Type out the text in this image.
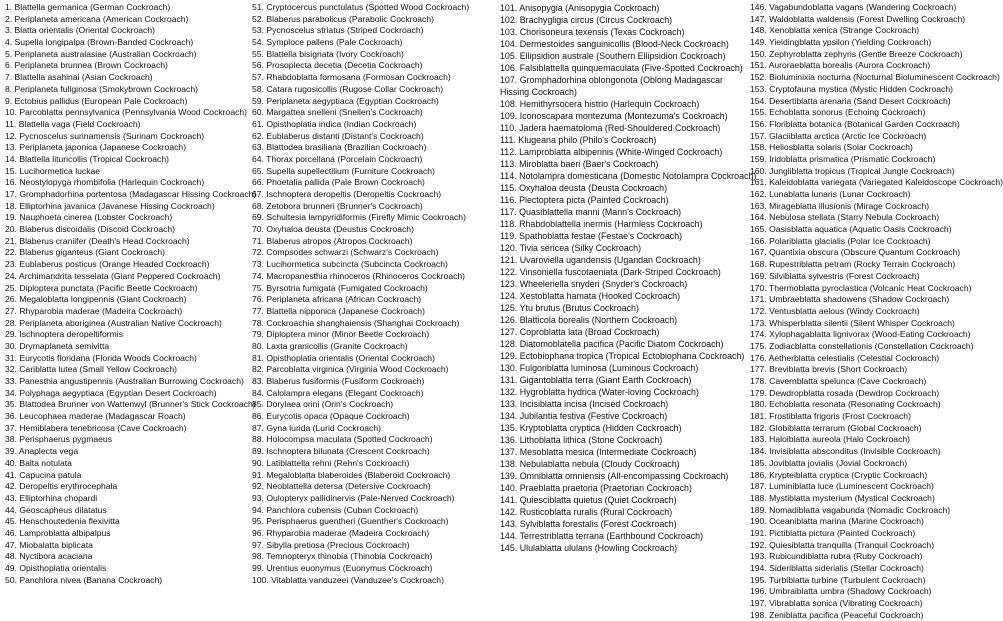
1. Blattella germanica (German Cockroach)
2. Periplaneta americana (American Cockroach)
3. Blatta orientalis (Oriental Cockroach)
4. Supella longipalpa (Brown-Banded Cockroach)
5. Periplaneta australasiae (Australian Cockroach)
6. Periplaneta brunnea (Brown Cockroach)
7. Blattella asahinai (Asian Cockroach)
8. Periplaneta fuliginosa (Smokybrown Cockroach)
9. Ectobius pallidus (European Pale Cockroach)
10. Parcoblatta pennsylvanica (Pennsylvania Wood Cockroach)
11. Blattella vaga (Field Cockroach)
12. Pycnoscelus surinamensis (Surinam Cockroach)
13. Periplaneta japonica (Japanese Cockroach)
14. Blattella lituricollis (Tropical Cockroach)
15. Lucihormetica luckae
16. Neostylopyga rhombifolia (Harlequin Cockroach)
17. Gromphadorhina portentosa (Madagascar Hissing Cockroach)
18. Elliptorhina javanica (Javanese Hissing Cockroach)
19. Nauphoeta cinerea (Lobster Cockroach)
20. Blaberus discoidalis (Discoid Cockroach)
21. Blaberus craniifer (Death's Head Cockroach)
22. Blaberus giganteus (Giant Cockroach)
23. Eublaberus posticus (Orange Headed Cockroach)
24. Archimandrita tesselata (Giant Peppered Cockroach)
25. Diploptera punctata (Pacific Beetle Cockroach)
26. Megaloblatta longipennis (Giant Cockroach)
27. Rhyparobia maderae (Madeira Cockroach)
28. Periplaneta aboriginea (Australian Native Cockroach)
29. Ischnoptera deropeltiformis
30. Drymaplaneta semivitta
31. Eurycotis floridana (Florida Woods Cockroach)
32. Cariblatta lutea (Small Yellow Cockroach)
33. Panesthia angustipennis (Australian Burrowing Cockroach)
34. Polyphaga aegyptiaca (Egyptian Desert Cockroach)
35. Blattodea Brunner von Wattenwyl (Brunner's Stick Cockroach)
36. Leucophaea maderae (Madagascar Roach)
37. Hemiblabera tenebricosa (Cave Cockroach)
38. Perisphaerus pygmaeus
39. Anaplecta vega
40. Balta notulata
41. Capucina patula
42. Deropeltis erythrocephala
43. Elliptorhina chopardi
44. Geoscapheus dilatatus
45. Henschoutedenia flexivitta
46. Lamproblatta albipalpus
47. Miobalatta biplicata
48. Nyctibora acaciana
49. Opisthoplatia orientalis
50. Panchlora nivea (Banana Cockroach)
51. Cryptocercus punctulatus (Spotted Wood Cockroach)
52. Blaberus parabolicus (Parabolic Cockroach)
53. Pycnoscelus striatus (Striped Cockroach)
54. Symploce pallens (Pale Cockroach)
55. Blattella bisignata (Ivory Cockroach)
56. Prosoplecta decetia (Decetia Cockroach)
57. Rhabdoblatta formosana (Formosan Cockroach)
58. Catara rugosicollis (Rugose Collar Cockroach)
59. Periplaneta aegyptiaca (Egyptian Cockroach)
60. Margattea snelleni (Snellen's Cockroach)
61. Opisthoplatia indica (Indian Cockroach)
62. Eublaberus distanti (Distant's Cockroach)
63. Blattodea brasiliana (Brazilian Cockroach)
64. Thorax porcellana (Porcelain Cockroach)
65. Supella supellectilium (Furniture Cockroach)
66. Phoetalia pallida (Pale Brown Cockroach)
67. Ischnoptera deropeltis (Deropeltis Cockroach)
68. Zetobora brunneri (Brunner's Cockroach)
69. Schultesia lampyridiformis (Firefly Mimic Cockroach)
70. Oxyhaloa deusta (Deustus Cockroach)
71. Blaberus atropos (Atropos Cockroach)
72. Compsodes schwarzi (Schwarz's Cockroach)
73. Lucihormetica subcincta (Subcincta Cockroach)
74. Macropanesthia rhinoceros (Rhinoceros Cockroach)
75. Byrsotria fumigata (Fumigated Cockroach)
76. Periplaneta africana (African Cockroach)
77. Blattella nipponica (Japanese Cockroach)
78. Cockroachia shanghaiensis (Shanghai Cockroach)
79. Diploptera minor (Minor Beetle Cockroach)
80. Laxta granicollis (Granite Cockroach)
81. Opisthoplatia orientalis (Oriental Cockroach)
82. Parcoblatta virginica (Virginia Wood Cockroach)
83. Blaberus fusiformis (Fusiform Cockroach)
84. Calolampra elegans (Elegant Cockroach)
85. Dorylaea orini (Orin's Cockroach)
86. Eurycotis opaca (Opaque Cockroach)
87. Gyna lurida (Lurid Cockroach)
88. Holocompsa maculata (Spotted Cockroach)
89. Ischnoptera bilunata (Crescent Cockroach)
90. Latiblattella rehni (Rehn's Cockroach)
91. Megaloblatta blaberoides (Blaberoid Cockroach)
92. Neoblattella detersa (Detersive Cockroach)
93. Oulopteryx pallidinervis (Pale-Nerved Cockroach)
94. Panchlora cubensis (Cuban Cockroach)
95. Perisphaerus guentheri (Guenther's Cockroach)
96. Rhyparobia maderae (Madeira Cockroach)
97. Sibylla pretiosa (Precious Cockroach)
98. Temnopteryx thinobia (Thinobia Cockroach)
99. Urentius euonymus (Euonymus Cockroach)
100. Vitablatta vanduzeei (Vanduzee's Cockroach)
101. Anisopygia (Anisopygia Cockroach)
102. Brachygligia circus (Circus Cockroach)
103. Chorisoneura texensis (Texas Cockroach)
104. Dermestoides sanguinicollis (Blood-Neck Cockroach)
105. Ellipsidion australe (Southern Ellipsidion Cockroach)
106. Falsiblattella quinquemaculata (Five-Spotted Cockroach)
107. Gromphadorhina oblongonota (Oblong Madagascar Hissing Cockroach)
108. Hemithyrsocera histrio (Harlequin Cockroach)
109. Iconoscapara montezuma (Montezuma's Cockroach)
110. Jadera haematoloma (Red-Shouldered Cockroach)
111. Klugeana philo (Philo's Cockroach)
112. Lamproblatta albipennis (White-Winged Cockroach)
113. Miroblatta baeri (Baer's Cockroach)
114. Notolampra domesticana (Domestic Notolampra Cockroach)
115. Oxyhaloa deusta (Deusta Cockroach)
116. Plectoptera picta (Painted Cockroach)
117. Quasiblattella manni (Mann's Cockroach)
118. Rhabdoblattella inermis (Harmless Cockroach)
119. Spathoblatta festae (Festae's Cockroach)
120. Tivia sericea (Silky Cockroach)
121. Uvaroviella ugandensis (Ugandan Cockroach)
122. Vinsoniella fuscotaeniata (Dark-Striped Cockroach)
123. Wheeleriella snyderi (Snyder's Cockroach)
124. Xestoblatta hamata (Hooked Cockroach)
125. Ytu brutus (Brutus Cockroach)
126. Blatticola borealis (Northern Cockroach)
127. Coproblatta lata (Broad Cockroach)
128. Diatomoblatella pacifica (Pacific Diatom Cockroach)
129. Ectobiophana tropica (Tropical Ectobiophana Cockroach)
130. Fulgoriblatta luminosa (Luminous Cockroach)
131. Gigantoblatta terra (Giant Earth Cockroach)
132. Hygroblatta hydrica (Water-loving Cockroach)
133. Incisiblatta incisa (Incised Cockroach)
134. Jubilantia festiva (Festive Cockroach)
135. Kryptoblatta cryptica (Hidden Cockroach)
136. Lithoblatta lithica (Stone Cockroach)
137. Mesoblatta mesica (Intermediate Cockroach)
138. Nebulablatta nebula (Cloudy Cockroach)
139. Omniblatta omniensis (All-encompassing Cockroach)
140. Praeblatta praetoria (Praetorian Cockroach)
141. Quiesciblatta quietus (Quiet Cockroach)
142. Rusticoblatta ruralis (Rural Cockroach)
143. Sylviblatta forestalis (Forest Cockroach)
144. Terrestriblatta terrana (Earthbound Cockroach)
145. Ululablatta ululans (Howling Cockroach)
146. Vagabundoblatta vagans (Wandering Cockroach)
147. Waldoblatta waldensis (Forest Dwelling Cockroach)
148. Xenoblatta xenica (Strange Cockroach)
149. Yieldingblatta ypsilon (Yielding Cockroach)
150. Zephyroblatta zephyris (Gentle Breeze Cockroach)
151. Auroraeblatta borealis (Aurora Cockroach)
152. Bioluminixia nocturna (Nocturnal Bioluminescent Cockroach)
153. Cryptofauna mystica (Mystic Hidden Cockroach)
154. Desertiblatta arenaria (Sand Desert Cockroach)
155. Echoblatta sonorus (Echoing Cockroach)
156. Floriblatta botanica (Botanical Garden Cockroach)
157. Glaciiblatta arctica (Arctic Ice Cockroach)
158. Heliosblatta solaris (Solar Cockroach)
159. Iridoblatta prismatica (Prismatic Cockroach)
160. Jungliblatta tropicus (Tropical Jungle Cockroach)
161. Kaleidoblatta variegata (Variegated Kaleidoscope Cockroach)
162. Lunablatta lunaris (Lunar Cockroach)
163. Mirageblatta illusionis (Mirage Cockroach)
164. Nebulosa stellata (Starry Nebula Cockroach)
165. Oasisblatta aquatica (Aquatic Oasis Cockroach)
166. Polariblatta glacialis (Polar Ice Cockroach)
167. Quantixia obscura (Obscure Quantum Cockroach)
168. Rupestriblatta petram (Rocky Terrain Cockroach)
169. Silviblatta sylvestris (Forest Cockroach)
170. Thermoblatta pyroclastica (Volcanic Heat Cockroach)
171. Umbraeblatta shadowens (Shadow Cockroach)
172. Ventusblatta aelous (Windy Cockroach)
173. Whisperblatta silentii (Silent Whisper Cockroach)
174. Xylophagablatta lignivorax (Wood-Eating Cockroach)
175. Zodiacblatta constellationis (Constellation Cockroach)
176. Aetherblatta celestialis (Celestial Cockroach)
177. Breviblatta brevis (Short Cockroach)
178. Cavernblatta spelunca (Cave Cockroach)
179. Dewdropblatta rosada (Dewdrop Cockroach)
180. Echoblatta resonata (Resonating Cockroach)
181. Frostiblatta frigoris (Frost Cockroach)
182. Globiblatta terrarum (Global Cockroach)
183. Haloiblatta aureola (Halo Cockroach)
184. Invisiblatta absconditus (Invisible Cockroach)
185. Joviblatta jovialis (Jovial Cockroach)
186. Krypteiblatta cryptica (Cryptic Cockroach)
187. Luminiblatta luce (Luminescent Cockroach)
188. Mystiblatta mysterium (Mystical Cockroach)
189. Nomadiblatta vagabunda (Nomadic Cockroach)
190. Oceaniblatta marina (Marine Cockroach)
191. Pictiblatta pictura (Painted Cockroach)
192. Quiesiblatta tranquilla (Tranquil Cockroach)
193. Rubicundiblatta rubra (Ruby Cockroach)
194. Sideriblatta siderialis (Stellar Cockroach)
195. Turbiblatta turbine (Turbulent Cockroach)
196. Umbraiblatta umbra (Shadowy Cockroach)
197. Vibrablatta sonica (Vibrating Cockroach)
198. Zeniblatta pacifica (Peaceful Cockroach)
